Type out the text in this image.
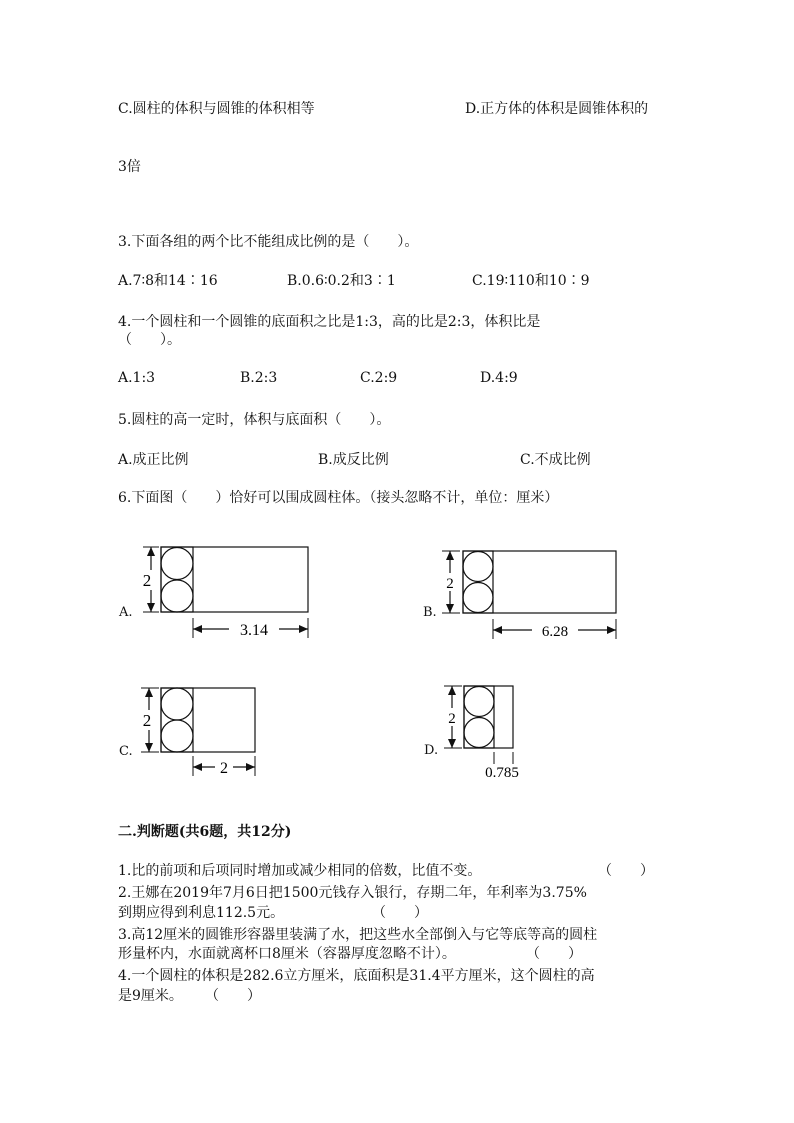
C.圆柱的体积与圆锥的体积相等	D.正方体的体积是圆锥体积的
3倍
3.下面各组的两个比不能组成比例的是（　　）。
A.7∶8和14∶16	B.0.6∶0.2和3∶1	C.19∶110和10∶9
4.一个圆柱和一个圆锥的底面积之比是1:3，高的比是2:3，体积比是
（　　）。
A.1:3	B.2:3	C.2:9	D.4:9
5.圆柱的高一定时，体积与底面积（　　）。
A.成正比例	B.成反比例	C.不成比例
6.下面图（　　）恰好可以围成圆柱体。（接头忽略不计，单位：厘米）
A.
2
3.14
B.
2
6.28
C.
2
2
D.
2
0.785
二.判断题(共6题，共12分)
1.比的前项和后项同时增加或减少相同的倍数，比值不变。	（　　）
2.王娜在2019年7月6日把1500元钱存入银行，存期二年，年利率为3.75%
到期应得到利息112.5元。	（　　）
3.高12厘米的圆锥形容器里装满了水，把这些水全部倒入与它等底等高的圆柱
形量杯内，水面就离杯口8厘米（容器厚度忽略不计）。	（　　）
4.一个圆柱的体积是282.6立方厘米，底面积是31.4平方厘米，这个圆柱的高
是9厘米。 （　　）
